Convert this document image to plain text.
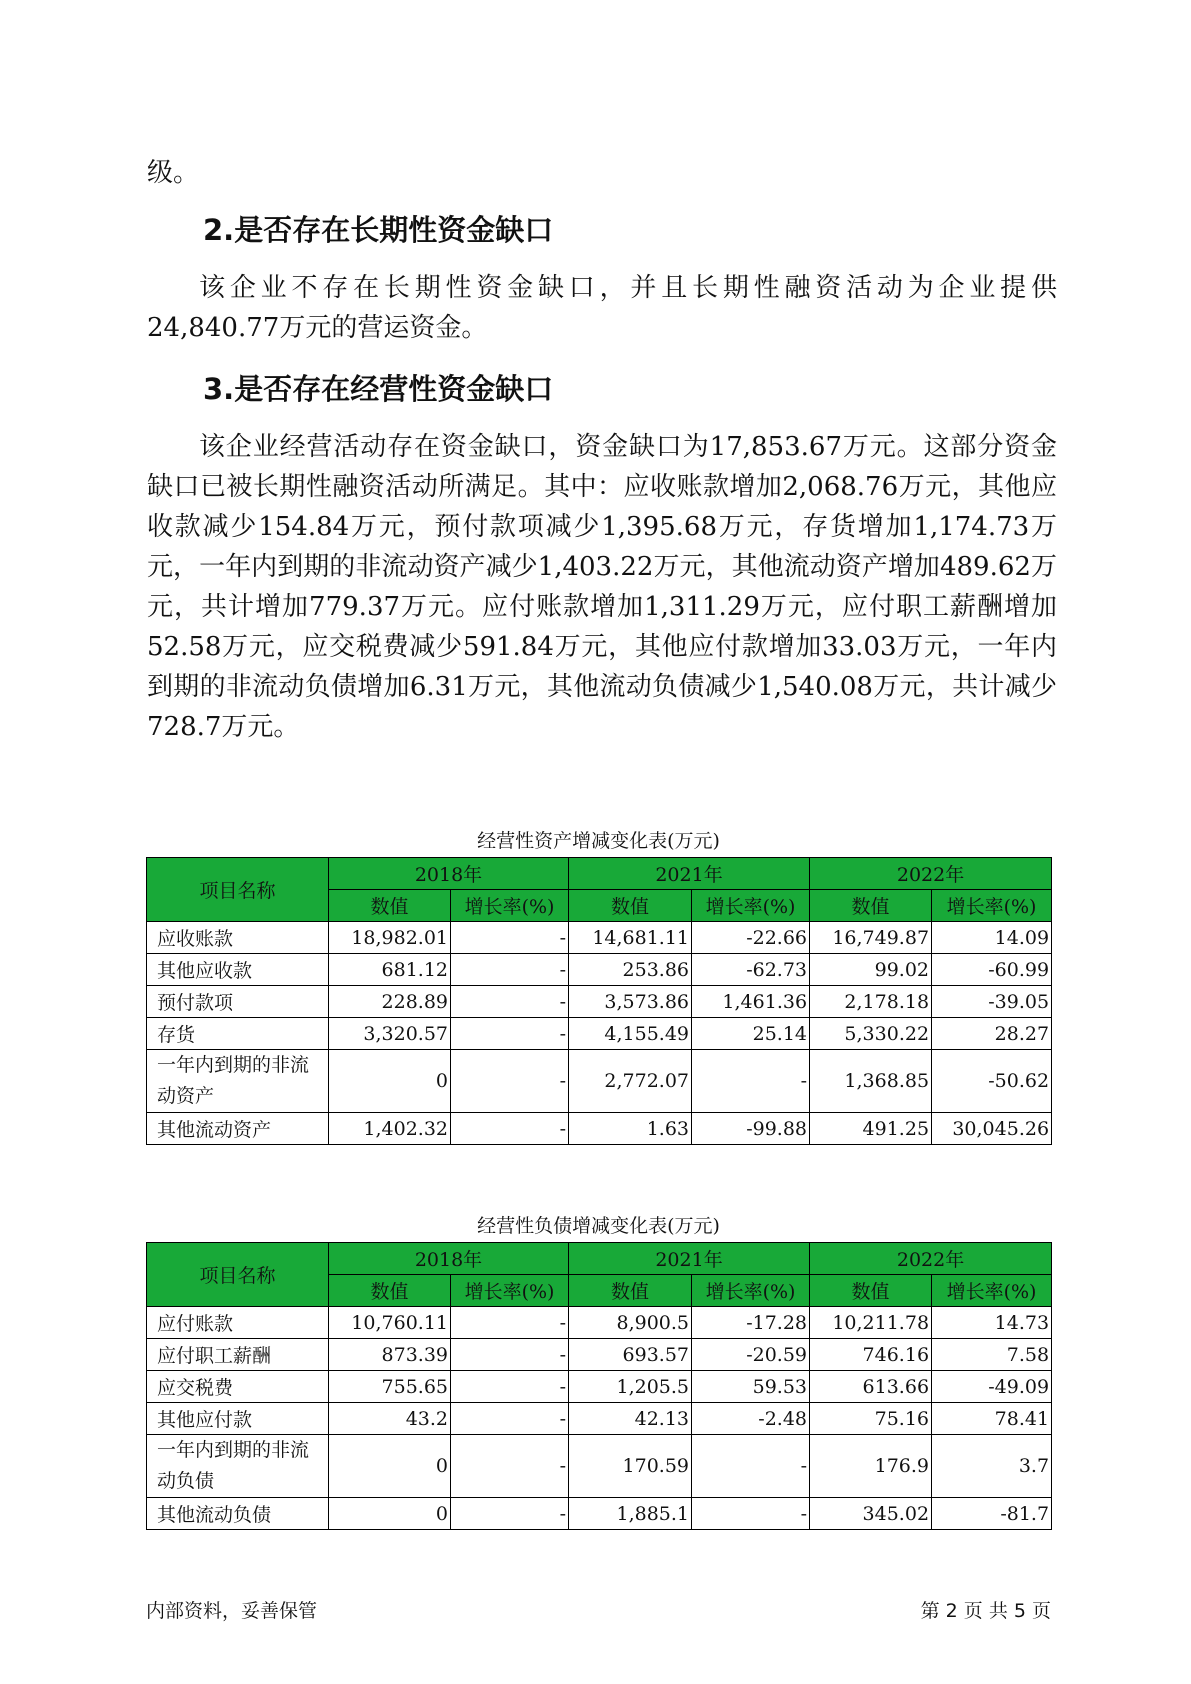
级。

2.是否存在长期性资金缺口

该企业不存在长期性资金缺口，并且长期性融资活动为企业提供24,840.77万元的营运资金。

3.是否存在经营性资金缺口

该企业经营活动存在资金缺口，资金缺口为17,853.67万元。这部分资金缺口已被长期性融资活动所满足。其中：应收账款增加2,068.76万元，其他应收款减少154.84万元，预付款项减少1,395.68万元，存货增加1,174.73万元，一年内到期的非流动资产减少1,403.22万元，其他流动资产增加489.62万元，共计增加779.37万元。应付账款增加1,311.29万元，应付职工薪酬增加52.58万元，应交税费减少591.84万元，其他应付款增加33.03万元，一年内到期的非流动负债增加6.31万元，其他流动负债减少1,540.08万元，共计减少728.7万元。

经营性资产增减变化表(万元)
项目名称	2018年		2021年		2022年	
	数值	增长率(%)	数值	增长率(%)	数值	增长率(%)
应收账款	18,982.01	-	14,681.11	-22.66	16,749.87	14.09
其他应收款	681.12	-	253.86	-62.73	99.02	-60.99
预付款项	228.89	-	3,573.86	1,461.36	2,178.18	-39.05
存货	3,320.57	-	4,155.49	25.14	5,330.22	28.27
一年内到期的非流动资产	0	-	2,772.07	-	1,368.85	-50.62
其他流动资产	1,402.32	-	1.63	-99.88	491.25	30,045.26
经营性负债增减变化表(万元)
项目名称	2018年		2021年		2022年	
	数值	增长率(%)	数值	增长率(%)	数值	增长率(%)
应付账款	10,760.11	-	8,900.5	-17.28	10,211.78	14.73
应付职工薪酬	873.39	-	693.57	-20.59	746.16	7.58
应交税费	755.65	-	1,205.5	59.53	613.66	-49.09
其他应付款	43.2	-	42.13	-2.48	75.16	78.41
一年内到期的非流动负债	0	-	170.59	-	176.9	3.7
其他流动负债	0	-	1,885.1	-	345.02	-81.7
内部资料，妥善保管	第 2 页 共 5 页
